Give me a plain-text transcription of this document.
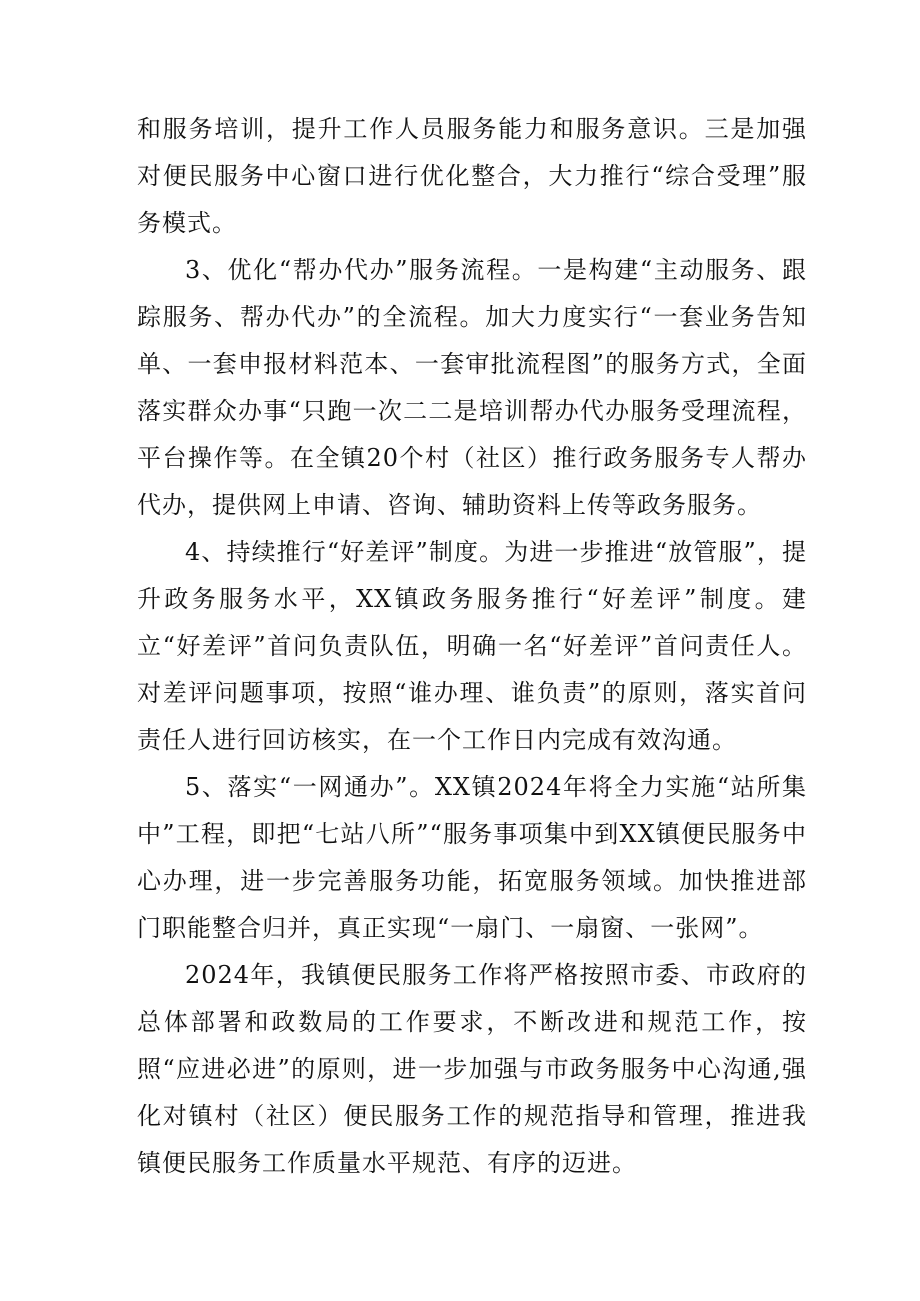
和服务培训，提升工作人员服务能力和服务意识。三是加强对便民服务中心窗口进行优化整合，大力推行“综合受理”服务模式。

3、优化“帮办代办”服务流程。一是构建“主动服务、跟踪服务、帮办代办”的全流程。加大力度实行“一套业务告知单、一套申报材料范本、一套审批流程图”的服务方式，全面落实群众办事“只跑一次二二是培训帮办代办服务受理流程，平台操作等。在全镇20个村（社区）推行政务服务专人帮办代办，提供网上申请、咨询、辅助资料上传等政务服务。

4、持续推行“好差评”制度。为进一步推进“放管服”，提升政务服务水平，XX镇政务服务推行“好差评”制度。建立“好差评”首问负责队伍，明确一名“好差评”首问责任人。对差评问题事项，按照“谁办理、谁负责”的原则，落实首问责任人进行回访核实，在一个工作日内完成有效沟通。

5、落实“一网通办”。XX镇2024年将全力实施“站所集中”工程，即把“七站八所”“服务事项集中到XX镇便民服务中心办理，进一步完善服务功能，拓宽服务领域。加快推进部门职能整合归并，真正实现“一扇门、一扇窗、一张网”。

2024年，我镇便民服务工作将严格按照市委、市政府的总体部署和政数局的工作要求，不断改进和规范工作，按照“应进必进”的原则，进一步加强与市政务服务中心沟通,强化对镇村（社区）便民服务工作的规范指导和管理，推进我镇便民服务工作质量水平规范、有序的迈进。
